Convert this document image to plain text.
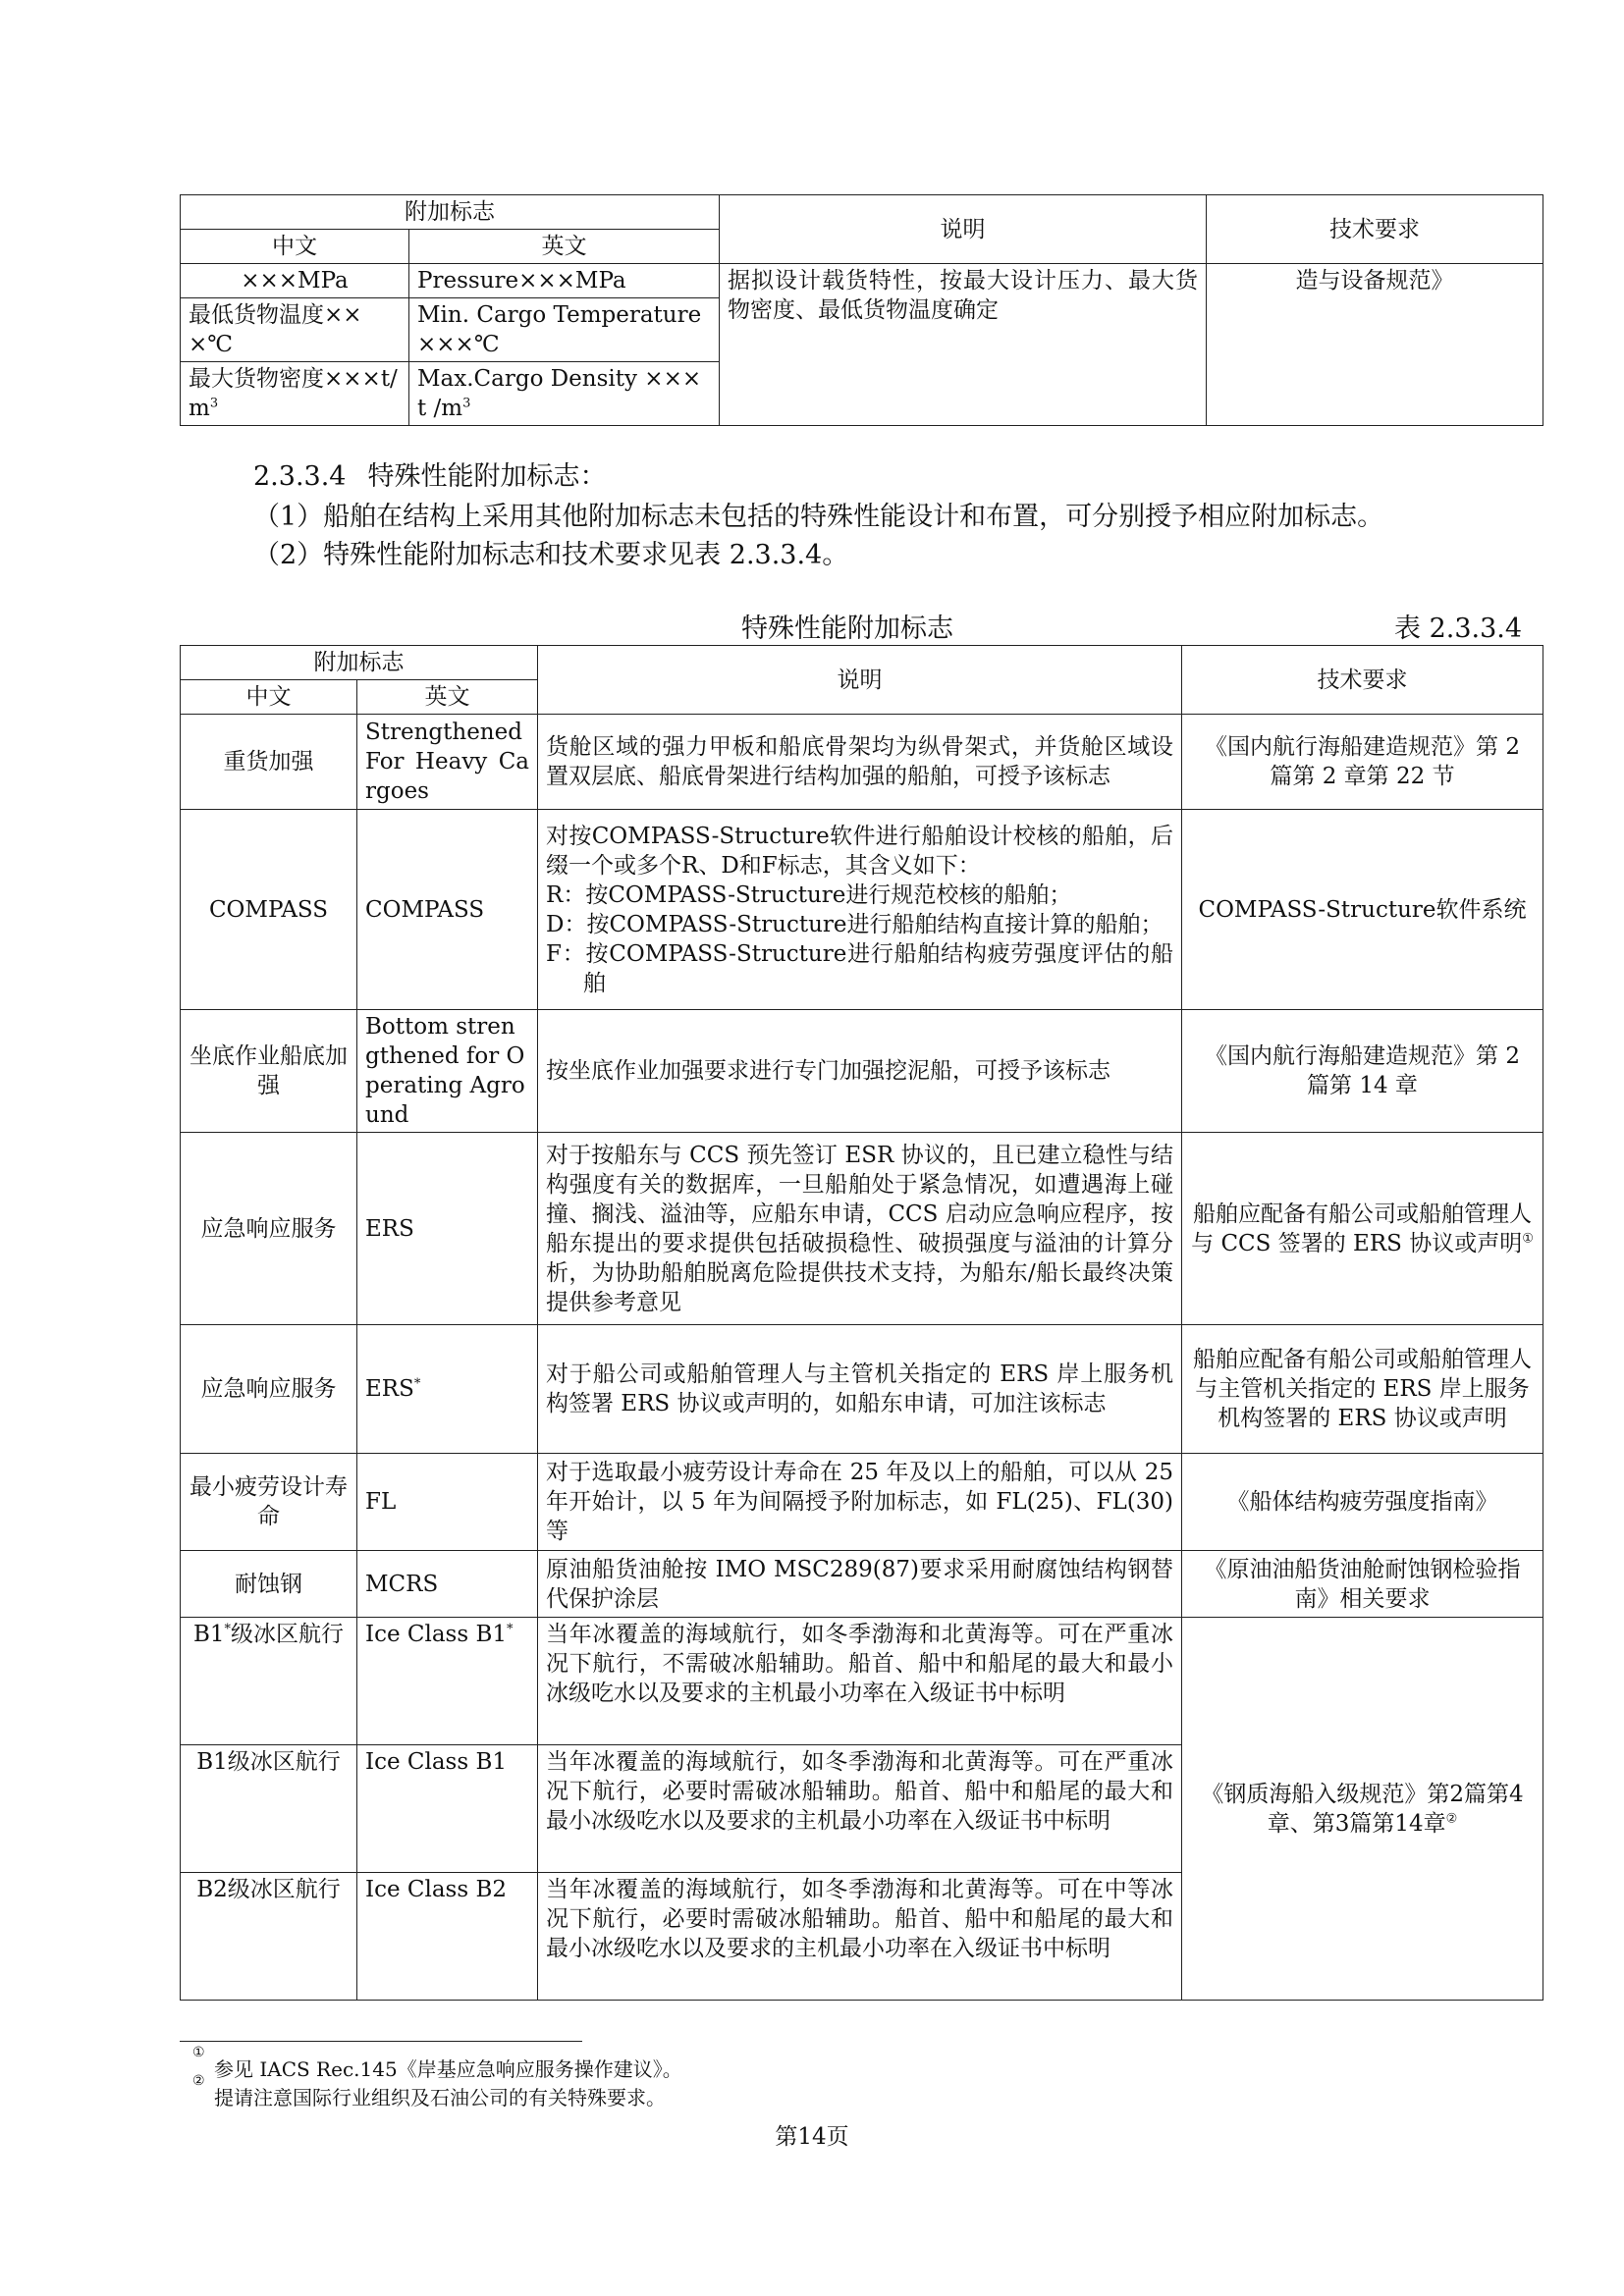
附加标志		说明	技术要求
中文	英文		
×××MPa	Pressure×××MPa	据拟设计载货特性，按最大设计压力、最大货物密度、最低货物温度确定	造与设备规范》
最低货物温度×××℃	Min. Cargo Temperature ×××℃		
最大货物密度$\times\times\times t/m^3$	Max.Cargo Density ××× t $/m^3$
2.3.3.4 特殊性能附加标志：
（1）船舶在结构上采用其他附加标志未包括的特殊性能设计和布置，可分别授予相应附加标志。
（2）特殊性能附加标志和技术要求见表 2.3.3.4。
特殊性能附加标志	表 2.3.3.4
附加标志		说明	技术要求
中文	英文		
重货加强	Strengthened For Heavy Cargoes	货舱区域的强力甲板和船底骨架均为纵骨架式，并货舱区域设置双层底、船底骨架进行结构加强的船舶，可授予该标志	《国内航行海船建造规范》第 2 篇第 2 章第 22 节
COMPASS	COMPASS	对按COMPASS-Structure软件进行船舶设计校核的船舶，后缀一个或多个R、D和F标志，其含义如下：
R：按COMPASS-Structure进行规范校核的船舶；
D：按COMPASS-Structure进行船舶结构直接计算的船舶；
F：按COMPASS-Structure进行船舶结构疲劳强度评估的船舶	COMPASS-Structure软件系统
坐底作业船底加强	Bottom strengthened for Operating Aground	按坐底作业加强要求进行专门加强挖泥船，可授予该标志	《国内航行海船建造规范》第 2 篇第 14 章
应急响应服务	ERS	对于按船东与 CCS 预先签订 ESR 协议的，且已建立稳性与结构强度有关的数据库，一旦船舶处于紧急情况，如遭遇海上碰撞、搁浅、溢油等，应船东申请，CCS 启动应急响应程序，按船东提出的要求提供包括破损稳性、破损强度与溢油的计算分析，为协助船舶脱离危险提供技术支持，为船东/船长最终决策提供参考意见	船舶应配备有船公司或船舶管理人与 CCS 签署的 ERS 协议或声明①
应急响应服务	ERS*	对于船公司或船舶管理人与主管机关指定的 ERS 岸上服务机构签署 ERS 协议或声明的，如船东申请，可加注该标志	船舶应配备有船公司或船舶管理人与主管机关指定的 ERS 岸上服务机构签署的 ERS 协议或声明
最小疲劳设计寿命	FL	对于选取最小疲劳设计寿命在 25 年及以上的船舶，可以从 25 年开始计，以 5 年为间隔授予附加标志，如 FL(25)、FL(30)等	《船体结构疲劳强度指南》
耐蚀钢	MCRS	原油船货油舱按 IMO MSC289(87)要求采用耐腐蚀结构钢替代保护涂层	《原油油船货油舱耐蚀钢检验指南》相关要求
B1*级冰区航行	Ice Class B1*	当年冰覆盖的海域航行，如冬季渤海和北黄海等。可在严重冰况下航行，不需破冰船辅助。船首、船中和船尾的最大和最小冰级吃水以及要求的主机最小功率在入级证书中标明	《钢质海船入级规范》第2篇第4章、第3篇第14章②
B1级冰区航行	Ice Class B1	当年冰覆盖的海域航行，如冬季渤海和北黄海等。可在严重冰况下航行，必要时需破冰船辅助。船首、船中和船尾的最大和最小冰级吃水以及要求的主机最小功率在入级证书中标明	
B2级冰区航行	Ice Class B2	当年冰覆盖的海域航行，如冬季渤海和北黄海等。可在中等冰况下航行，必要时需破冰船辅助。船首、船中和船尾的最大和最小冰级吃水以及要求的主机最小功率在入级证书中标明	
①
参见 IACS Rec.145《岸基应急响应服务操作建议》。
②
提请注意国际行业组织及石油公司的有关特殊要求。
第14页
